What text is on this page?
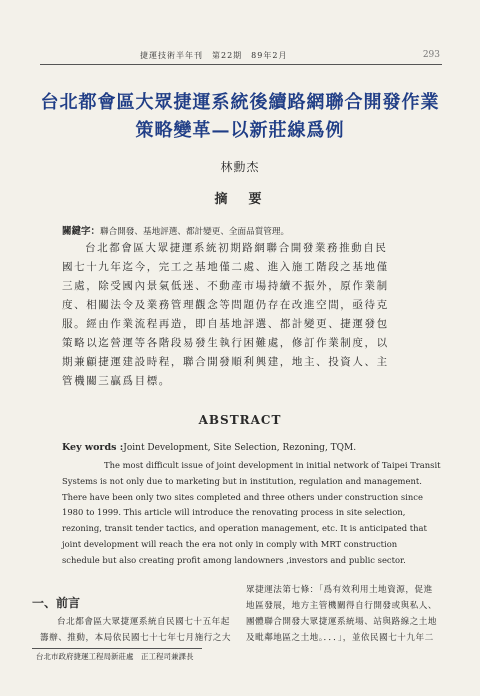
捷運技術半年刊　第22期　89年2月	293
台北都會區大眾捷運系統後續路網聯合開發作業
策略變革—以新莊線爲例
林勳杰
摘　要
關鍵字：聯合開發、基地評選、都計變更、全面品質管理。
台北都會區大眾捷運系統初期路網聯合開發業務推動自民
國七十九年迄今，完工之基地僅二處、進入施工階段之基地僅
三處，除受國內景氣低迷、不動產市場持續不振外，原作業制
度、相關法令及業務管理觀念等問題仍存在改進空間，亟待克
服。經由作業流程再造，即自基地評選、都計變更、捷運發包
策略以迄營運等各階段易發生執行困難處，修訂作業制度，以
期兼顧捷運建設時程，聯合開發順利興建，地主、投資人、主
管機關三贏爲目標。
ABSTRACT
Key words :Joint Development, Site Selection, Rezoning, TQM.
The most difficult issue of joint development in initial network of Taipei Transit
Systems is not only due to marketing but in institution, regulation and management.
There have been only two sites completed and three others under construction since
1980 to 1999. This article will introduce the renovating process in site selection,
rezoning, transit tender tactics, and operation management, etc. It is anticipated that
joint development will reach the era not only in comply with MRT construction
schedule but also creating profit among landowners ,investors and public sector.
一、前言
台北都會區大眾捷運系統自民國七十五年起
籌辦、推動，本局依民國七十七年七月施行之大
眾捷運法第七條：「爲有效利用土地資源，促進
地區發展，地方主管機關得自行開發或與私人、
團體聯合開發大眾捷運系統場、站與路線之土地
及毗鄰地區之土地。．．．」，並依民國七十九年二
台北市政府捷運工程局新莊處　正工程司兼課長
